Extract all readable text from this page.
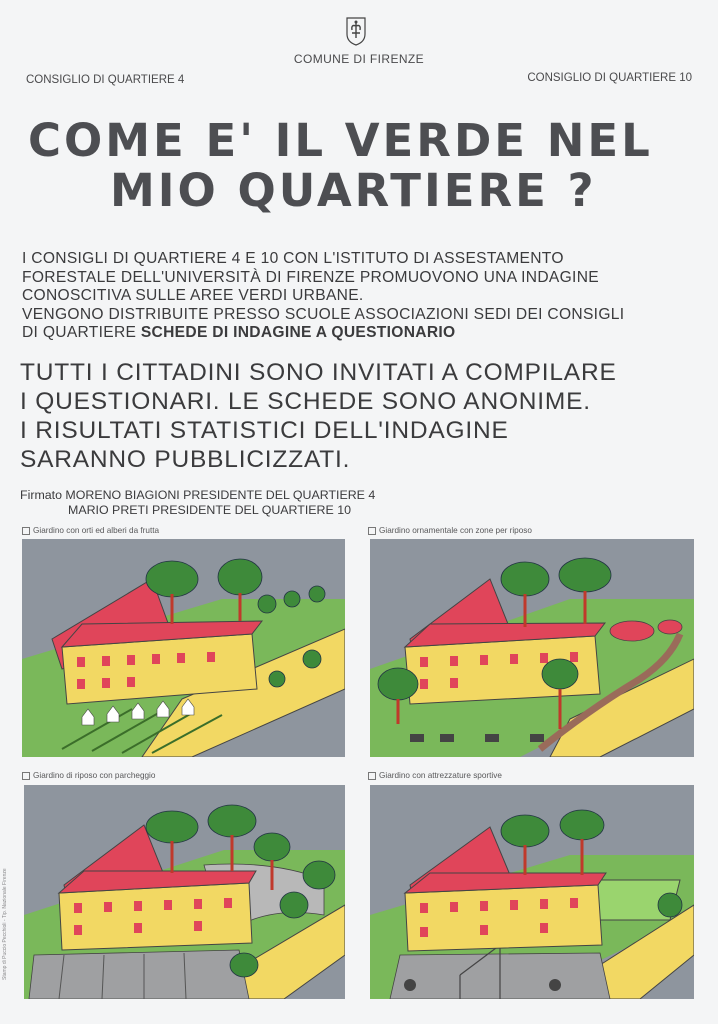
COMUNE DI FIRENZE
CONSIGLIO DI QUARTIERE 4	CONSIGLIO DI QUARTIERE 10
COME E' IL VERDE NEL
MIO QUARTIERE ?
I CONSIGLI DI QUARTIERE 4 E 10 CON L'ISTITUTO DI ASSESTAMENTO
FORESTALE DELL'UNIVERSITÀ DI FIRENZE PROMUOVONO UNA INDAGINE
CONOSCITIVA SULLE AREE VERDI URBANE.
VENGONO DISTRIBUITE PRESSO SCUOLE ASSOCIAZIONI SEDI DEI CONSIGLI
DI QUARTIERE SCHEDE DI INDAGINE A QUESTIONARIO
TUTTI I CITTADINI SONO INVITATI A COMPILARE
I QUESTIONARI. LE SCHEDE SONO ANONIME.
I RISULTATI STATISTICI DELL'INDAGINE
SARANNO PUBBLICIZZATI.
Firmato MORENO BIAGIONI PRESIDENTE DEL QUARTIERE 4
MARIO PRETI PRESIDENTE DEL QUARTIERE 10
Giardino con orti ed alberi da frutta	Giardino ornamentale con zone per riposo
Giardino di riposo con parcheggio	Giardino con attrezzature sportive
Stamp di Puccio Pecchioli - Tip. Nazionale Firenze
